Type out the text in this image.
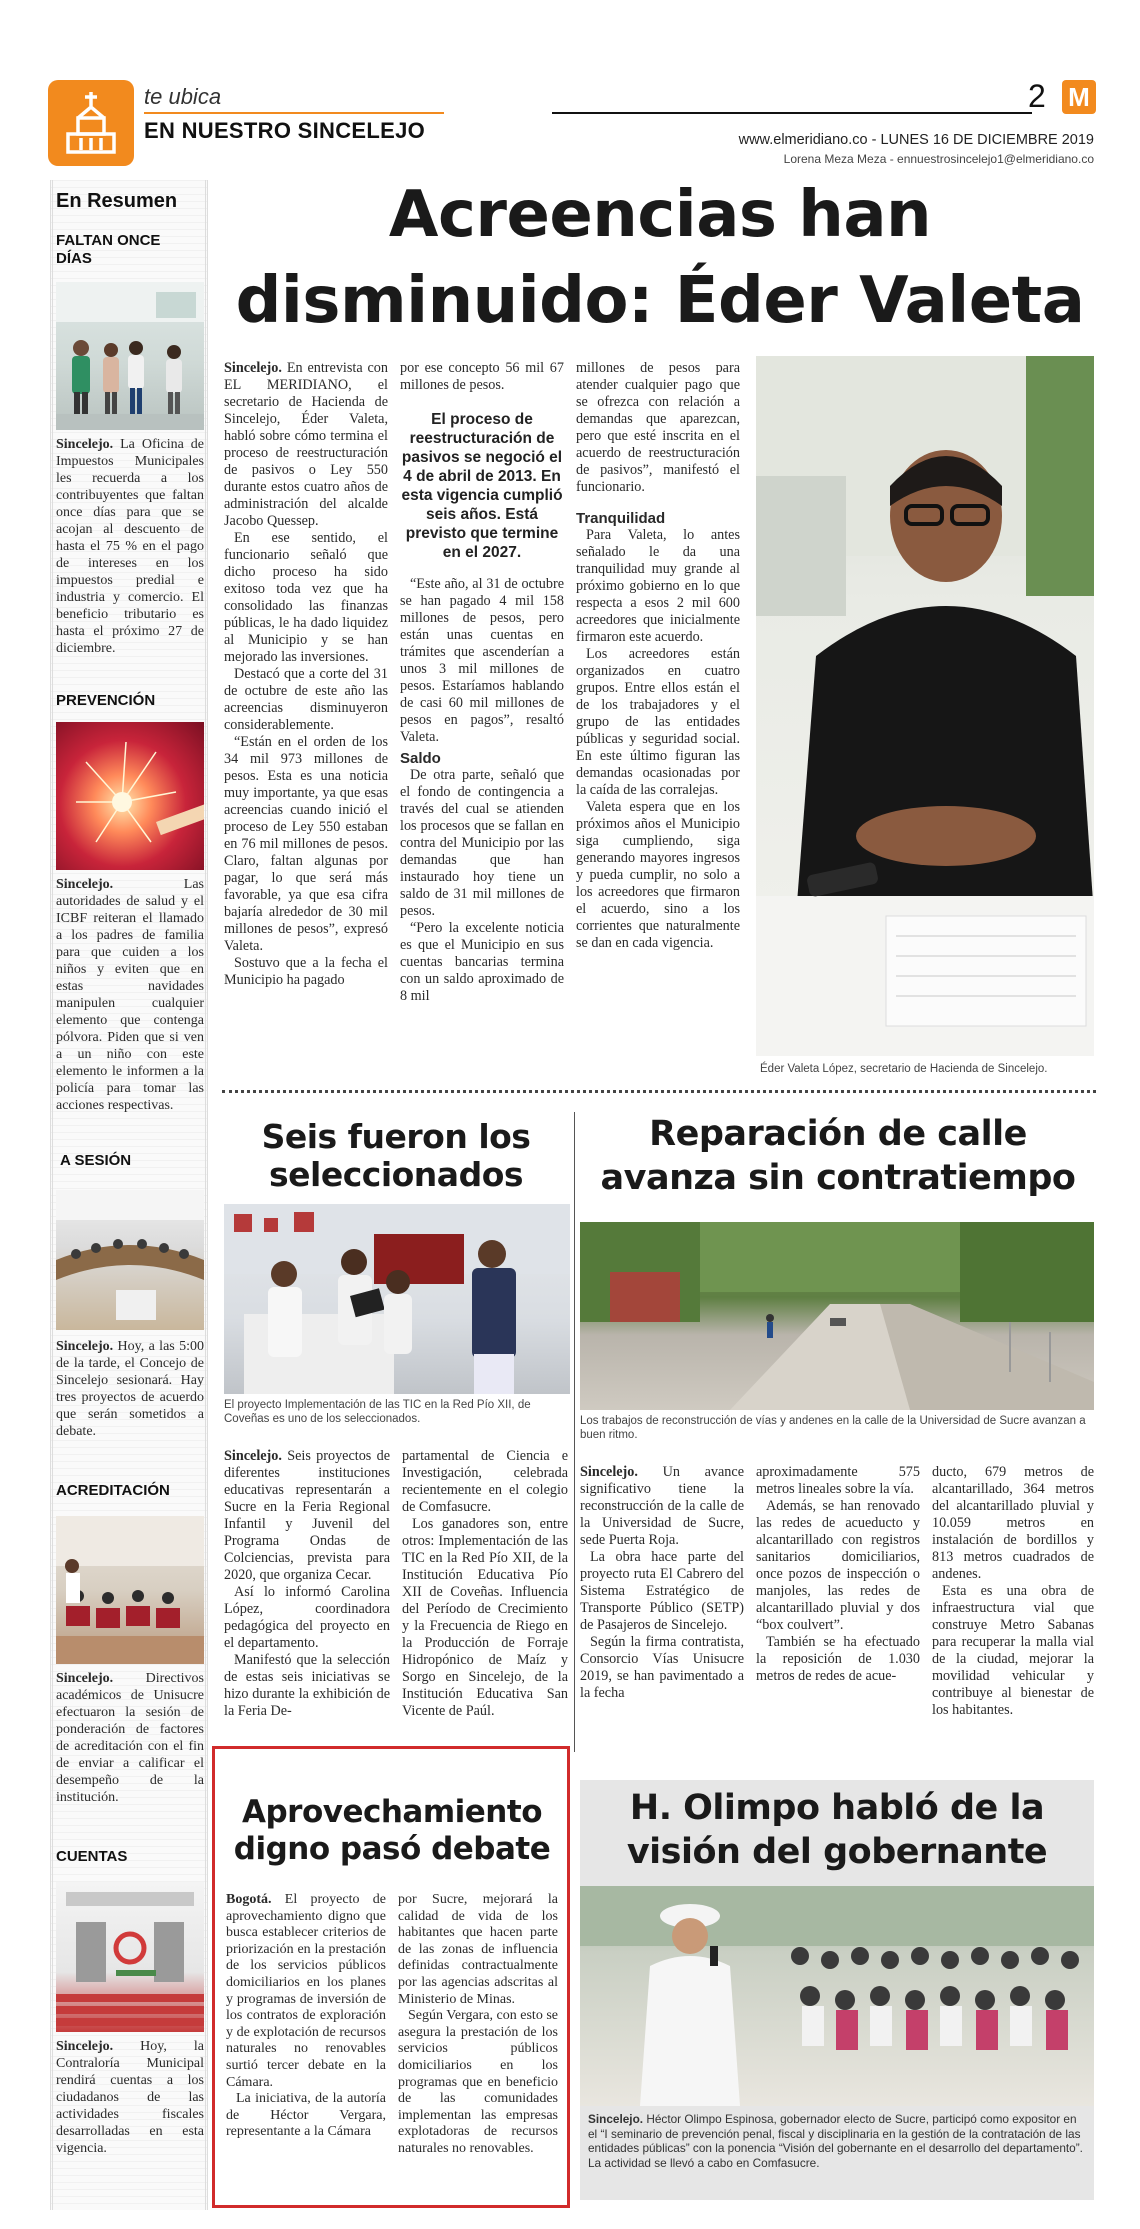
te ubica
EN NUESTRO SINCELEJO
2 M
www.elmeridiano.co - LUNES 16 DE DICIEMBRE 2019
Lorena Meza Meza - ennuestrosincelejo1@elmeridiano.co
En Resumen
FALTAN ONCE DÍAS
Sincelejo. La Oficina de Impuestos Municipales les recuerda a los contribuyentes que faltan once días para que se acojan al descuento de hasta el 75 % en el pago de intereses en los impuestos predial e industria y comercio. El beneficio tributario es hasta el próximo 27 de diciembre.
PREVENCIÓN
Sincelejo. Las autoridades de salud y el ICBF reiteran el llamado a los padres de familia para que cuiden a los niños y eviten que en estas navidades manipulen cualquier elemento que contenga pólvora. Piden que si ven a un niño con este elemento le informen a la policía para tomar las acciones respectivas.
A SESIÓN
Sincelejo. Hoy, a las 5:00 de la tarde, el Concejo de Sincelejo sesionará. Hay tres proyectos de acuerdo que serán sometidos a debate.
ACREDITACIÓN
Sincelejo. Directivos académicos de Unisucre efectuaron la sesión de ponderación de factores de acreditación con el fin de enviar a calificar el desempeño de la institución.
CUENTAS
Sincelejo. Hoy, la Contraloría Municipal rendirá cuentas a los ciudadanos de las actividades fiscales desarrolladas en esta vigencia.
Acreencias han
disminuido: Éder Valeta

Sincelejo. En entrevista con EL MERIDIANO, el secretario de Hacienda de Sincelejo, Éder Valeta, habló sobre cómo termina el proceso de reestructuración de pasivos o Ley 550 durante estos cuatro años de administración del alcalde Jacobo Quessep.

En ese sentido, el funcionario señaló que dicho proceso ha sido exitoso toda vez que ha consolidado las finanzas públicas, le ha dado liquidez al Municipio y se han mejorado las inversiones.

Destacó que a corte del 31 de octubre de este año las acreencias disminuyeron considerablemente.

“Están en el orden de los 34 mil 973 millones de pesos. Esta es una noticia muy importante, ya que esas acreencias cuando inició el proceso de Ley 550 estaban en 76 mil millones de pesos. Claro, faltan algunas por pagar, lo que será más favorable, ya que esa cifra bajaría alrededor de 30 mil millones de pesos”, expresó Valeta.

Sostuvo que a la fecha el Municipio ha pagado

por ese concepto 56 mil 67 millones de pesos.

El proceso de reestructuración de pasivos se negoció el 4 de abril de 2013. En esta vigencia cumplió seis años. Está previsto que termine en el 2027.

“Este año, al 31 de octubre se han pagado 4 mil 158 millones de pesos, pero están unas cuentas en trámites que ascenderían a unos 3 mil millones de pesos. Estaríamos hablando de casi 60 mil millones de pesos en pagos”, resaltó Valeta.

Saldo

De otra parte, señaló que el fondo de contingencia a través del cual se atienden los procesos que se fallan en contra del Municipio por las demandas que han instaurado hoy tiene un saldo de 31 mil millones de pesos.

“Pero la excelente noticia es que el Municipio en sus cuentas bancarias termina con un saldo aproximado de 8 mil

millones de pesos para atender cualquier pago que se ofrezca con relación a demandas que aparezcan, pero que esté inscrita en el acuerdo de reestructuración de pasivos”, manifestó el funcionario.

Tranquilidad

Para Valeta, lo antes señalado le da una tranquilidad muy grande al próximo gobierno en lo que respecta a esos 2 mil 600 acreedores que inicialmente firmaron este acuerdo.

Los acreedores están organizados en cuatro grupos. Entre ellos están el de los trabajadores y el grupo de las entidades públicas y seguridad social. En este último figuran las demandas ocasionadas por la caída de las corralejas.

Valeta espera que en los próximos años el Municipio siga cumpliendo, siga generando mayores ingresos y pueda cumplir, no solo a los acreedores que firmaron el acuerdo, sino a los corrientes que naturalmente se dan en cada vigencia.

Éder Valeta López, secretario de Hacienda de Sincelejo.
Seis fueron los seleccionados
El proyecto Implementación de las TIC en la Red Pío XII, de Coveñas es uno de los seleccionados.

Sincelejo. Seis proyectos de diferentes instituciones educativas representarán a Sucre en la Feria Regional Infantil y Juvenil del Programa Ondas de Colciencias, prevista para 2020, que organiza Cecar.

Así lo informó Carolina López, coordinadora pedagógica del proyecto en el departamento.

Manifestó que la selección de estas seis iniciativas se hizo durante la exhibición de la Feria De-

partamental de Ciencia e Investigación, celebrada recientemente en el colegio de Comfasucre.

Los ganadores son, entre otros: Implementación de las TIC en la Red Pío XII, de la Institución Educativa Pío XII de Coveñas. Influencia del Período de Crecimiento y la Frecuencia de Riego en la Producción de Forraje Hidropónico de Maíz y Sorgo en Sincelejo, de la Institución Educativa San Vicente de Paúl.

Reparación de calle avanza sin contratiempo
Los trabajos de reconstrucción de vías y andenes en la calle de la Universidad de Sucre avanzan a buen ritmo.

Sincelejo. Un avance significativo tiene la reconstrucción de la calle de la Universidad de Sucre, sede Puerta Roja.

La obra hace parte del proyecto ruta El Cabrero del Sistema Estratégico de Transporte Público (SETP) de Pasajeros de Sincelejo.

Según la firma contratista, Consorcio Vías Unisucre 2019, se han pavimentado a la fecha

aproximadamente 575 metros lineales sobre la vía.

Además, se han renovado las redes de acueducto y alcantarillado con registros sanitarios domiciliarios, once pozos de inspección o manjoles, las redes de alcantarillado pluvial y dos “box coulvert”.

También se ha efectuado la reposición de 1.030 metros de redes de acue-

ducto, 679 metros de alcantarillado, 364 metros del alcantarillado pluvial y 10.059 metros en instalación de bordillos y 813 metros cuadrados de andenes.

Esta es una obra de infraestructura vial que construye Metro Sabanas para recuperar la malla vial de la ciudad, mejorar la movilidad vehicular y contribuye al bienestar de los habitantes.

Aprovechamiento digno pasó debate

Bogotá. El proyecto de aprovechamiento digno que busca establecer criterios de priorización en la prestación de los servicios públicos domiciliarios en los planes y programas de inversión de los contratos de exploración y de explotación de recursos naturales no renovables surtió tercer debate en la Cámara.

La iniciativa, de la autoría de Héctor Vergara, representante a la Cámara

por Sucre, mejorará la calidad de vida de los habitantes que hacen parte de las zonas de influencia definidas contractualmente por las agencias adscritas al Ministerio de Minas.

Según Vergara, con esto se asegura la prestación de los servicios públicos domiciliarios en los programas que en beneficio de las comunidades implementan las empresas explotadoras de recursos naturales no renovables.

H. Olimpo habló de la visión del gobernante
Sincelejo. Héctor Olimpo Espinosa, gobernador electo de Sucre, participó como expositor en el “I seminario de prevención penal, fiscal y disciplinaria en la gestión de la contratación de las entidades públicas” con la ponencia “Visión del gobernante en el desarrollo del departamento”. La actividad se llevó a cabo en Comfasucre.
